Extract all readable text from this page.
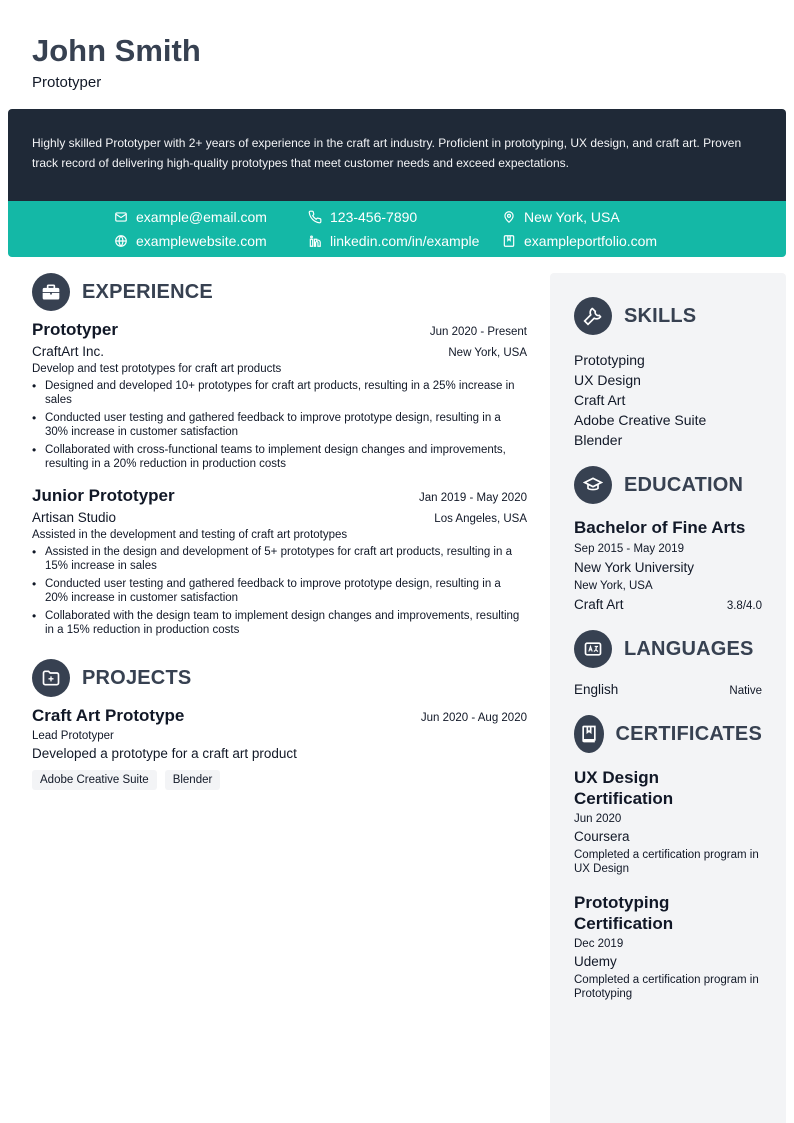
John Smith
Prototyper

Highly skilled Prototyper with 2+ years of experience in the craft art industry. Proficient in prototyping, UX design, and craft art. Proven track record of delivering high-quality prototypes that meet customer needs and exceed expectations.

example@email.com	123-456-7890	New York, USA
examplewebsite.com	linkedin.com/in/example	exampleportfolio.com
EXPERIENCE
Prototyper	Jun 2020 - Present
CraftArt Inc.	New York, USA
Develop and test prototypes for craft art products
• Designed and developed 10+ prototypes for craft art products, resulting in a 25% increase in sales
• Conducted user testing and gathered feedback to improve prototype design, resulting in a 30% increase in customer satisfaction
• Collaborated with cross-functional teams to implement design changes and improvements, resulting in a 20% reduction in production costs
Junior Prototyper	Jan 2019 - May 2020
Artisan Studio	Los Angeles, USA
Assisted in the development and testing of craft art prototypes
• Assisted in the design and development of 5+ prototypes for craft art products, resulting in a 15% increase in sales
• Conducted user testing and gathered feedback to improve prototype design, resulting in a 20% increase in customer satisfaction
• Collaborated with the design team to implement design changes and improvements, resulting in a 15% reduction in production costs
PROJECTS
Craft Art Prototype	Jun 2020 - Aug 2020
Lead Prototyper
Developed a prototype for a craft art product
Adobe Creative Suite	Blender
SKILLS
Prototyping
UX Design
Craft Art
Adobe Creative Suite
Blender
EDUCATION
Bachelor of Fine Arts
Sep 2015 - May 2019
New York University
New York, USA
Craft Art	3.8/4.0
LANGUAGES
English	Native
CERTIFICATES
UX Design Certification
Jun 2020
Coursera
Completed a certification program in UX Design
Prototyping Certification
Dec 2019
Udemy
Completed a certification program in Prototyping
